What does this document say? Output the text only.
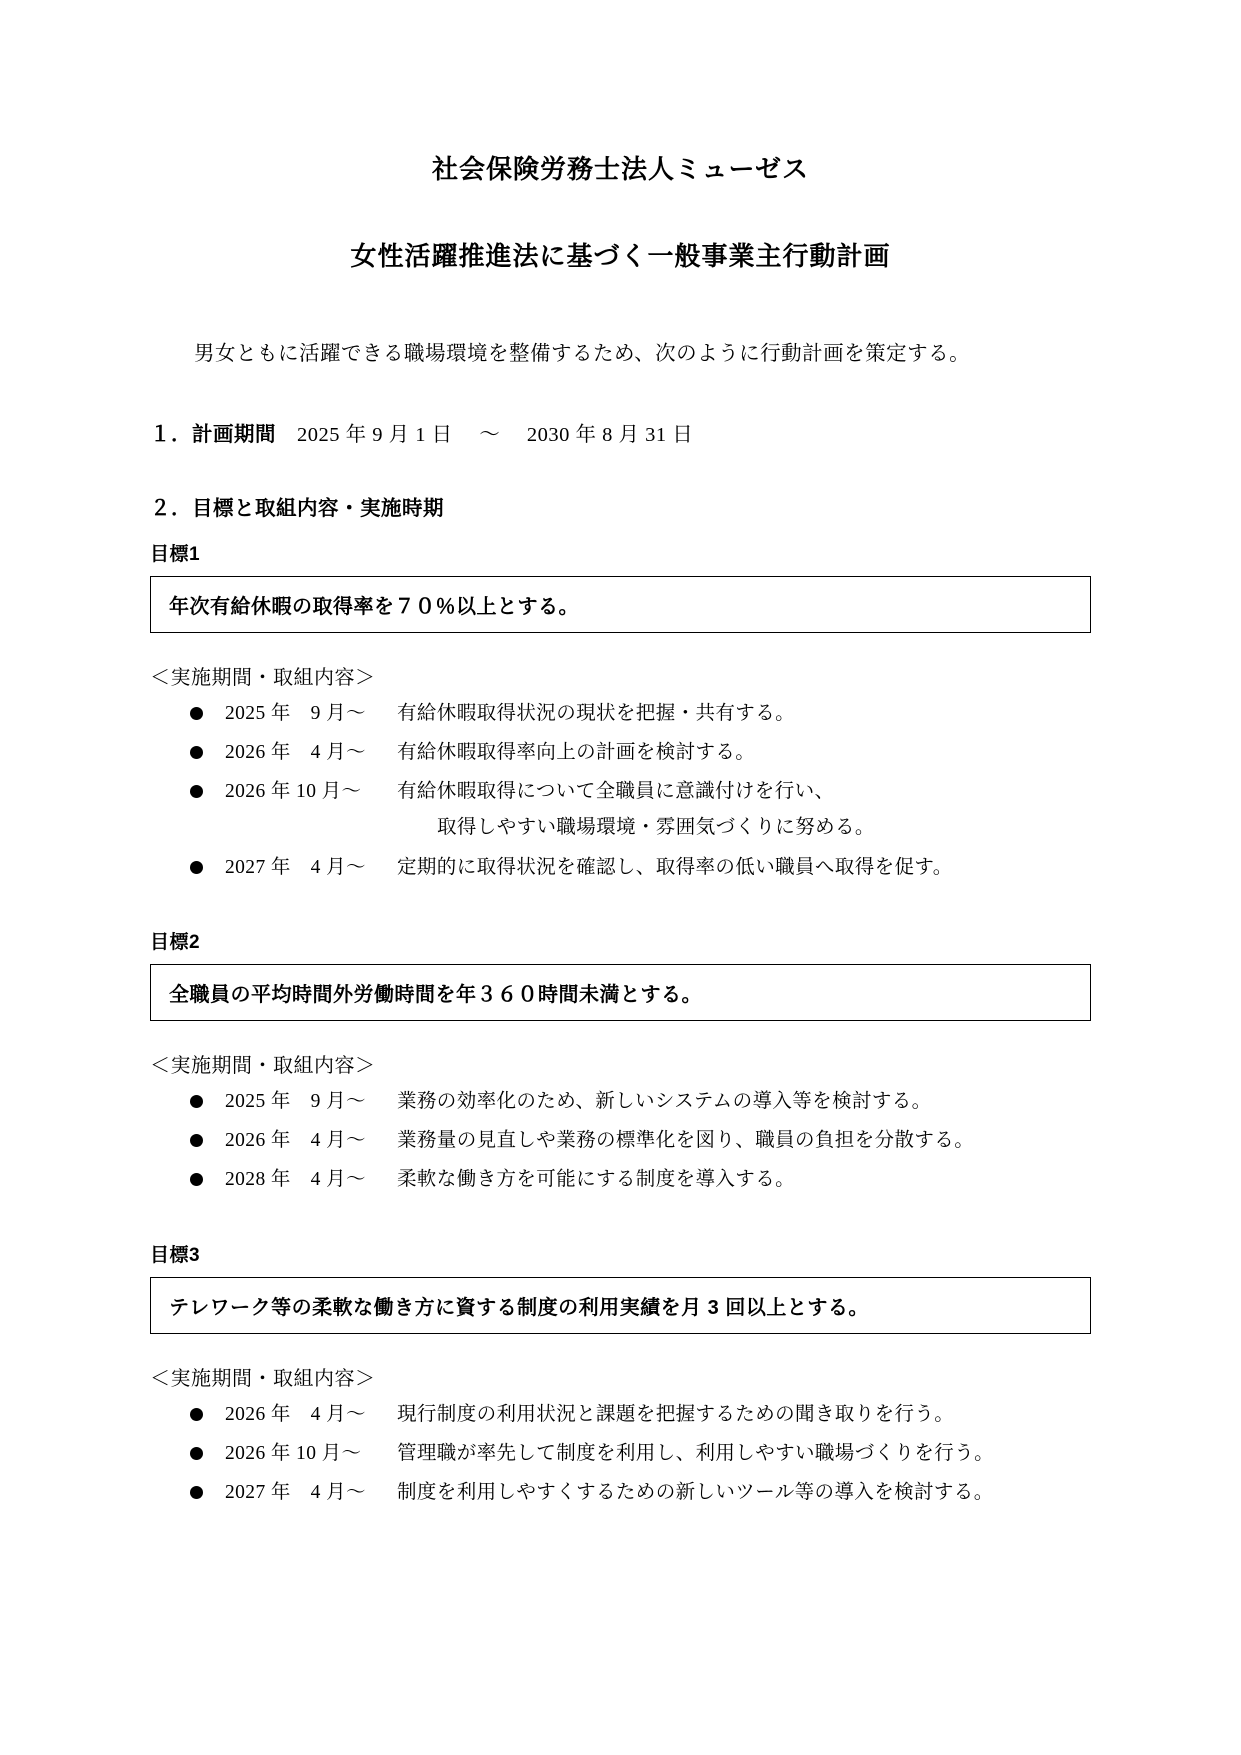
社会保険労務士法人ミューゼス
女性活躍推進法に基づく一般事業主行動計画

男女ともに活躍できる職場環境を整備するため、次のように行動計画を策定する。

１．計画期間　 2025 年 9 月 1 日 　～ 　2030 年 8 月 31 日
２．目標と取組内容・実施時期
目標1
年次有給休暇の取得率を７０％以上とする。
＜実施期間・取組内容＞
2025 年　9 月～	有給休暇取得状況の現状を把握・共有する。
2026 年　4 月～	有給休暇取得率向上の計画を検討する。
2026 年 10 月～	有給休暇取得について全職員に意識付けを行い、
取得しやすい職場環境・雰囲気づくりに努める。
2027 年　4 月～	定期的に取得状況を確認し、取得率の低い職員へ取得を促す。
目標2
全職員の平均時間外労働時間を年３６０時間未満とする。
＜実施期間・取組内容＞
2025 年　9 月～	業務の効率化のため、新しいシステムの導入等を検討する。
2026 年　4 月～	業務量の見直しや業務の標準化を図り、職員の負担を分散する。
2028 年　4 月～	柔軟な働き方を可能にする制度を導入する。
目標3
テレワーク等の柔軟な働き方に資する制度の利用実績を月 3 回以上とする。
＜実施期間・取組内容＞
2026 年　4 月～	現行制度の利用状況と課題を把握するための聞き取りを行う。
2026 年 10 月～	管理職が率先して制度を利用し、利用しやすい職場づくりを行う。
2027 年　4 月～	制度を利用しやすくするための新しいツール等の導入を検討する。
